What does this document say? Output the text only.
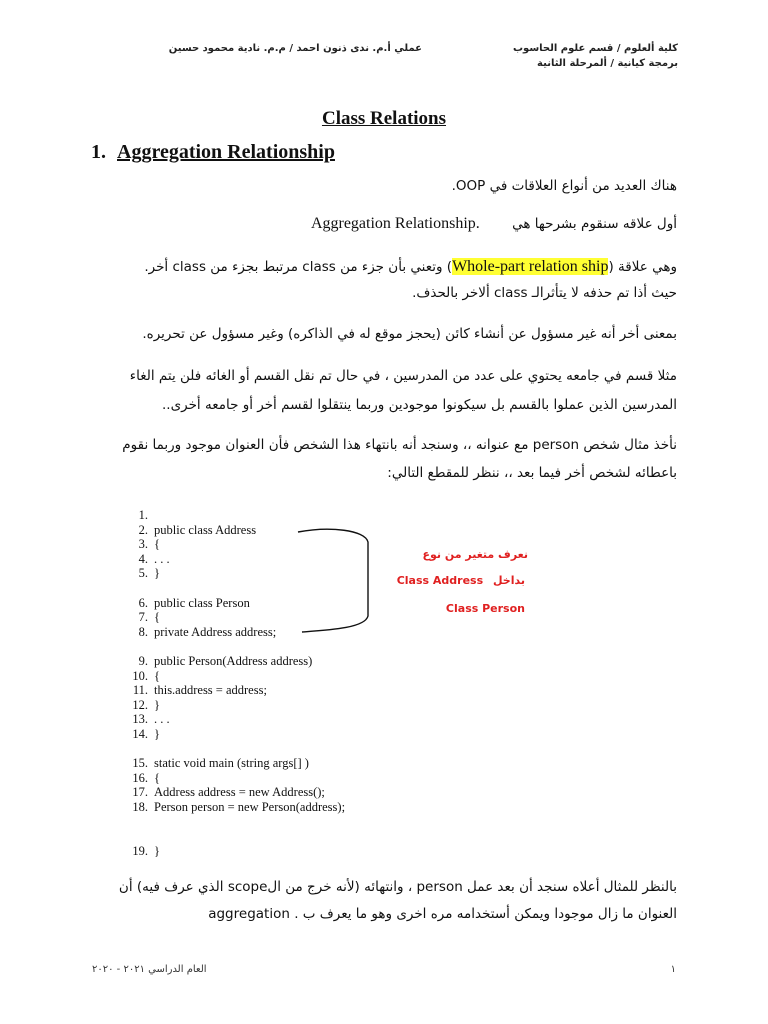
كلية ألعلوم / قسم علوم الحاسوب
برمجة كيانية / ألمرحلة الثانية
عملي أ.م. ندى ذنون احمد / م.م. نادية محمود حسين
Class Relations
1. Aggregation Relationship
هناك العديد من أنواع العلاقات في OOP.
أول علاقه سنقوم بشرحها هي Aggregation Relationship.
وهي علاقة (Whole-part relation ship) وتعني بأن جزء من class مرتبط بجزء من class أخر.
حيث أذا تم حذفه لا يتأثرالـ class ألاخر بالحذف.
بمعنى أخر أنه غير مسؤول عن أنشاء كائن (يحجز موقع له في الذاكره) وغير مسؤول عن تحريره.
مثلا قسم في جامعه يحتوي على عدد من المدرسين ، في حال تم نقل القسم أو الغائه فلن يتم الغاء
المدرسين الذين عملوا بالقسم بل سيكونوا موجودين وربما ينتقلوا لقسم أخر أو جامعه أخرى..
نأخذ مثال شخص person مع عنوانه ،، وسنجد أنه بانتهاء هذا الشخص فأن العنوان موجود وربما نقوم
باعطائه لشخص أخر فيما بعد ،، ننظر للمقطع التالي:
1.
2. public class Address
3. {
4. . . .
5. }
6. public class Person
7. {
8. private Address address;
9. public Person(Address address)
10. {
11. this.address = address;
12. }
13. . . .
14. }
15. static void main (string args[] )
16. {
17. Address address = new Address();
18. Person person = new Person(address);
19. }
نعرف متغير من نوع
بداخل Class Address
Class Person
بالنظر للمثال أعلاه سنجد أن بعد عمل person ، وانتهائه (لأنه خرج من الscope الذي عرف فيه) أن
العنوان ما زال موجودا ويمكن أستخدامه مره اخرى وهو ما يعرف ب . aggregation
العام الدراسي ٢٠٢١ - ٢٠٢٠	١
